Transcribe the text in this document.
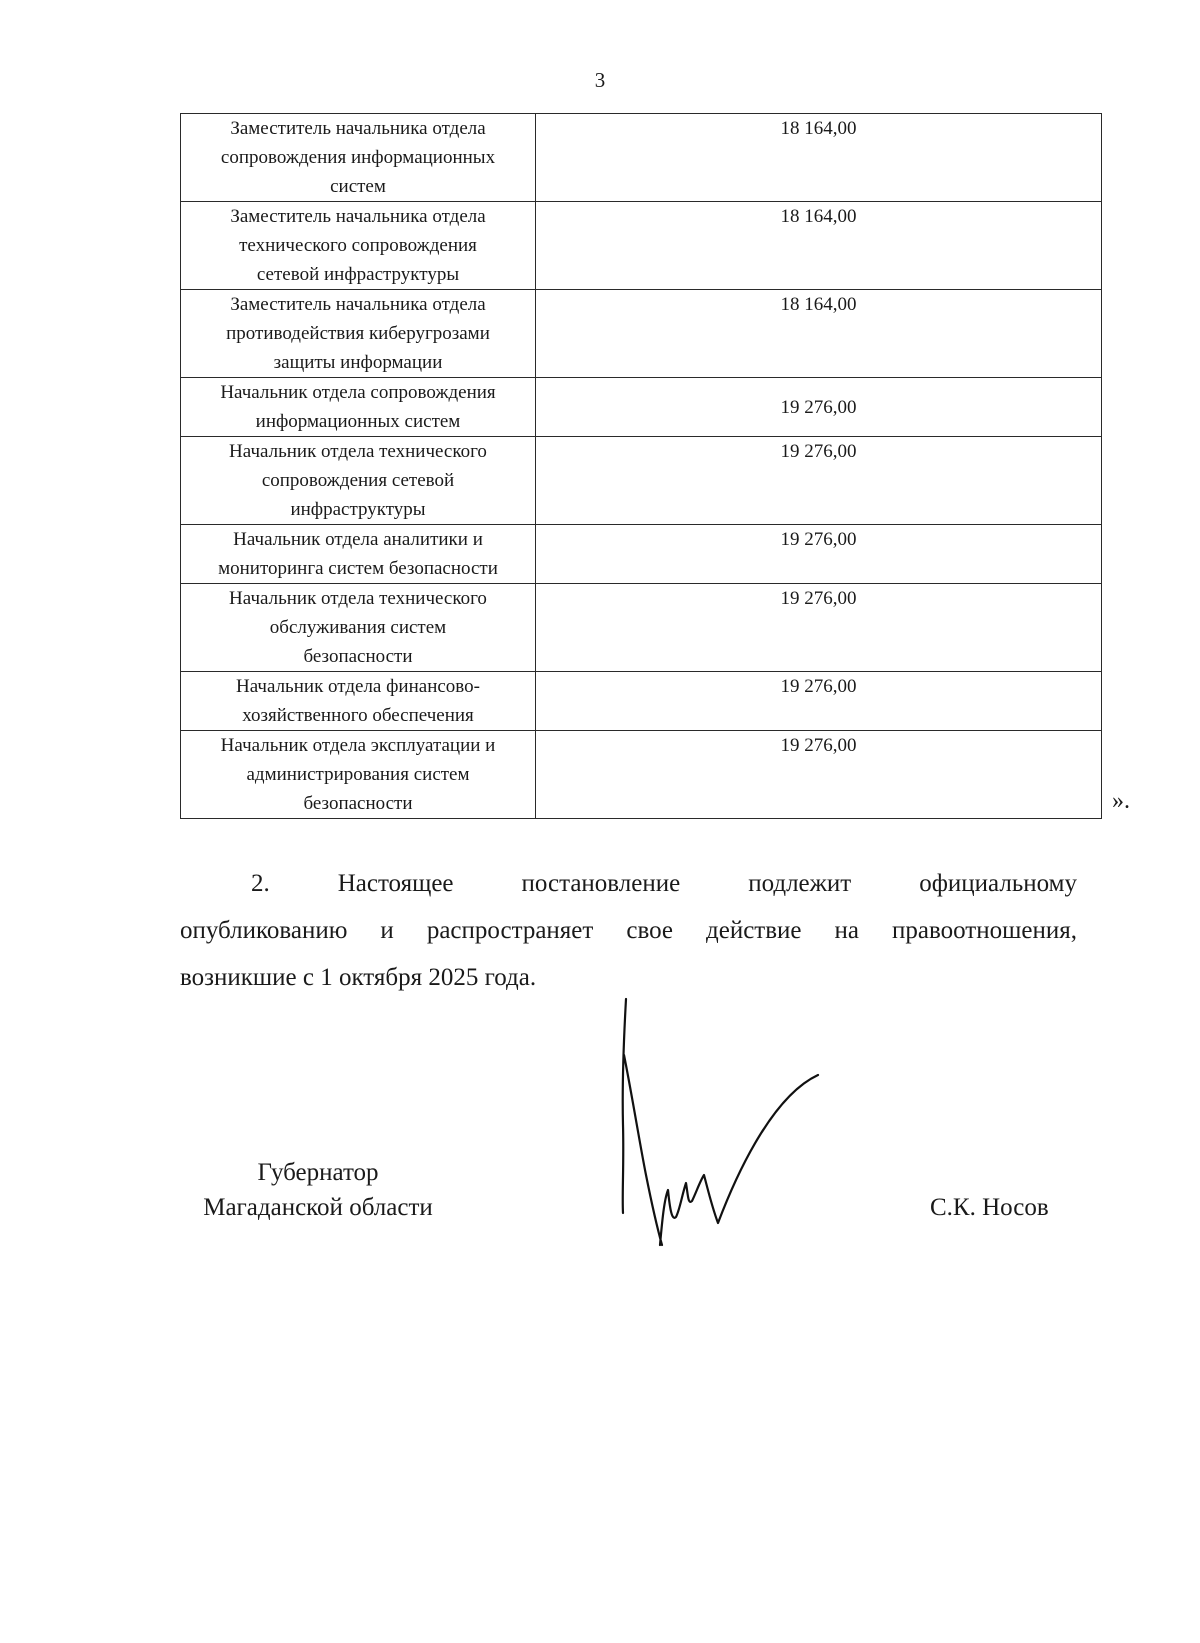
3
Заместитель начальника отдела
сопровождения информационных
систем	18 164,00

Заместитель начальника отдела
технического сопровождения
сетевой инфраструктуры	18 164,00

Заместитель начальника отдела
противодействия киберугрозами
защиты информации	18 164,00

Начальник отдела сопровождения
информационных систем	19 276,00

Начальник отдела технического
сопровождения сетевой
инфраструктуры	19 276,00

Начальник отдела аналитики и
мониторинга систем безопасности	19 276,00

Начальник отдела технического
обслуживания систем
безопасности	19 276,00

Начальник отдела финансово-
хозяйственного обеспечения	19 276,00

Начальник отдела эксплуатации и
администрирования систем
безопасности	19 276,00
».
2.	Настоящее	постановление	подлежит	официальному
опубликованию и распространяет свое действие на правоотношения,
возникшие с 1 октября 2025 года.
Губернатор
Магаданской области	С.К. Носов
